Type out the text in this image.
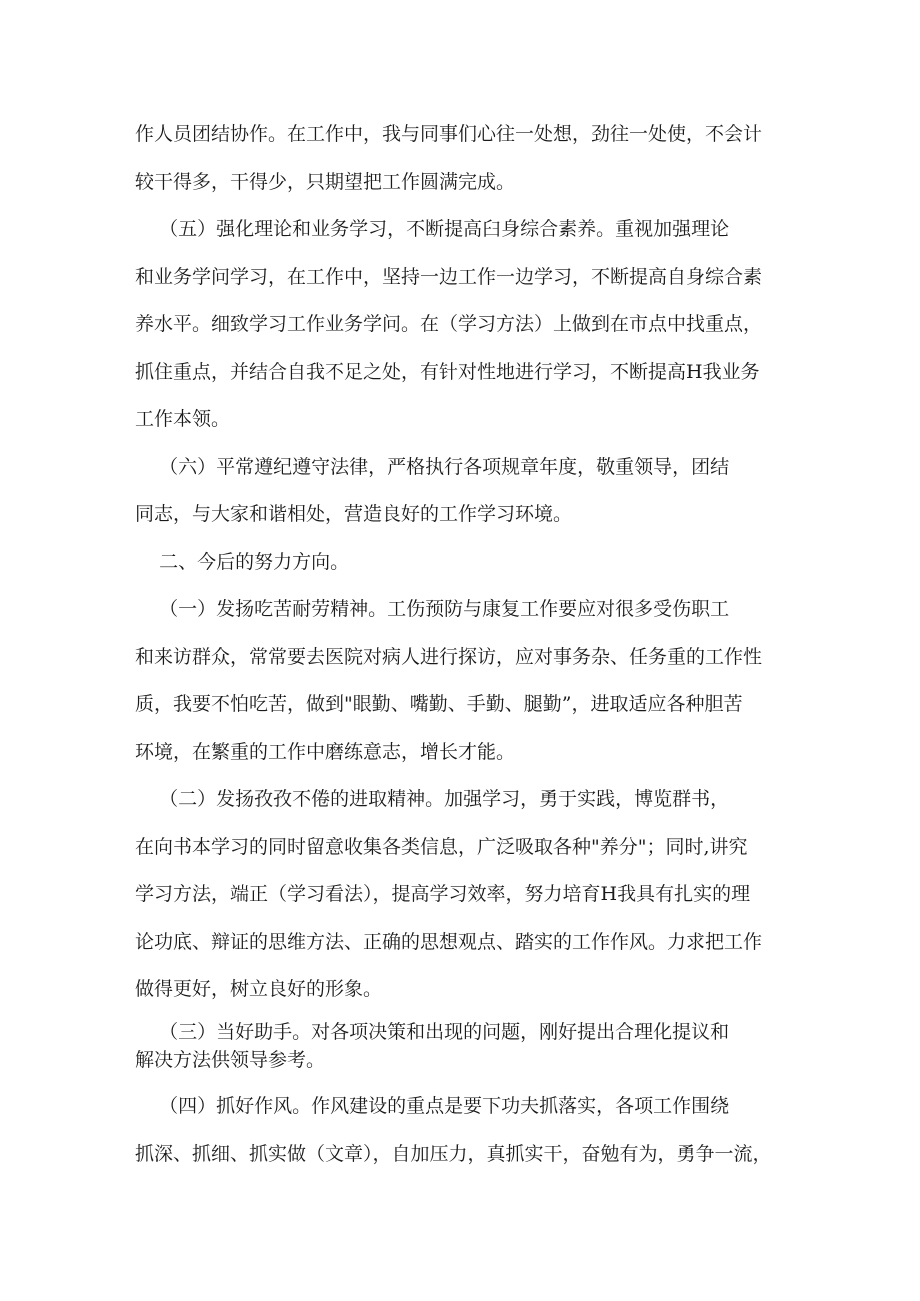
作人员团结协作。在工作中，我与同事们心往一处想，劲往一处使，不会计

较干得多，干得少，只期望把工作圆满完成。

（五）强化理论和业务学习，不断提高臼身综合素养。重视加强理论

和业务学问学习，在工作中，坚持一边工作一边学习，不断提高自身综合素

养水平。细致学习工作业务学问。在（学习方法）上做到在市点中找重点，

抓住重点，并结合自我不足之处，有针对性地进行学习，不断提高H我业务

工作本领。

（六）平常遵纪遵守法律，严格执行各项规章年度，敬重领导，团结

同志，与大家和谐相处，营造良好的工作学习环境。

二、今后的努力方向。

（一）发扬吃苦耐劳精神。工伤预防与康复工作要应对很多受伤职工

和来访群众，常常要去医院对病人进行探访，应对事务杂、任务重的工作性

质，我要不怕吃苦，做到"眼勤、嘴勤、手勤、腿勤”，进取适应各种胆苦

环境，在繁重的工作中磨练意志，增长才能。

（二）发扬孜孜不倦的进取精神。加强学习，勇于实践，博览群书，

在向书本学习的同时留意收集各类信息，广泛吸取各种"养分"；同时,讲究

学习方法，端正（学习看法），提高学习效率，努力培育H我具有扎实的理

论功底、辩证的思维方法、正确的思想观点、踏实的工作作风。力求把工作

做得更好，树立良好的形象。

（三）当好助手。对各项决策和出现的问题，刚好提出合理化提议和

解决方法供领导参考。

（四）抓好作风。作风建设的重点是要下功夫抓落实，各项工作围绕

抓深、抓细、抓实做（文章），自加压力，真抓实干，奋勉有为，勇争一流，
